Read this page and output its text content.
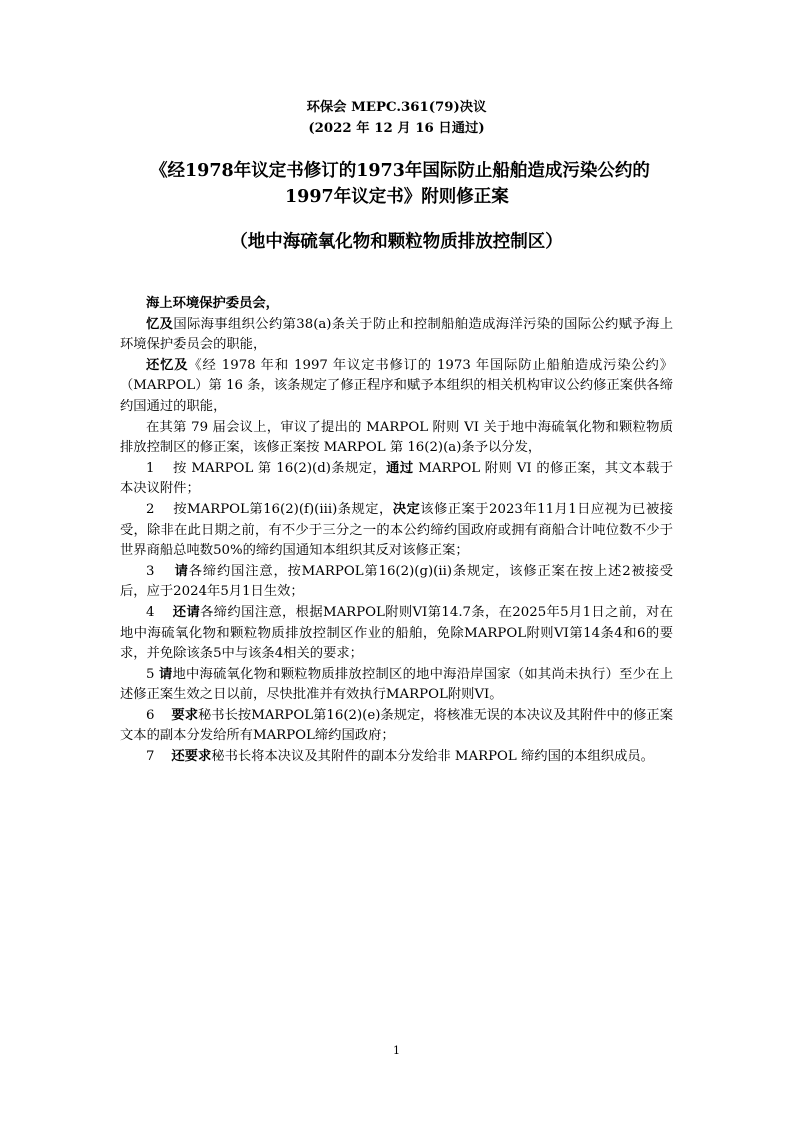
环保会 MEPC.361(79)决议
(2022 年 12 月 16 日通过)
《经1978年议定书修订的1973年国际防止船舶造成污染公约的
1997年议定书》附则修正案
（地中海硫氧化物和颗粒物质排放控制区）

海上环境保护委员会，

忆及国际海事组织公约第38(a)条关于防止和控制船舶造成海洋污染的国际公约赋予海上环境保护委员会的职能，

还忆及《经 1978 年和 1997 年议定书修订的 1973 年国际防止船舶造成污染公约》（MARPOL）第 16 条，该条规定了修正程序和赋予本组织的相关机构审议公约修正案供各缔约国通过的职能，

在其第 79 届会议上，审议了提出的 MARPOL 附则 VI 关于地中海硫氧化物和颗粒物质排放控制区的修正案，该修正案按 MARPOL 第 16(2)(a)条予以分发，

1 按 MARPOL 第 16(2)(d)条规定，通过 MARPOL 附则 VI 的修正案，其文本载于本决议附件；

2 按MARPOL第16(2)(f)(iii)条规定，决定该修正案于2023年11月1日应视为已被接受，除非在此日期之前，有不少于三分之一的本公约缔约国政府或拥有商船合计吨位数不少于世界商船总吨数50%的缔约国通知本组织其反对该修正案；

3 请各缔约国注意，按MARPOL第16(2)(g)(ii)条规定，该修正案在按上述2被接受后，应于2024年5月1日生效；

4 还请各缔约国注意，根据MARPOL附则VI第14.7条，在2025年5月1日之前，对在地中海硫氧化物和颗粒物质排放控制区作业的船舶，免除MARPOL附则VI第14条4和6的要求，并免除该条5中与该条4相关的要求；

5 请地中海硫氧化物和颗粒物质排放控制区的地中海沿岸国家（如其尚未执行）至少在上述修正案生效之日以前，尽快批准并有效执行MARPOL附则VI。

6 要求秘书长按MARPOL第16(2)(e)条规定，将核准无误的本决议及其附件中的修正案文本的副本分发给所有MARPOL缔约国政府；

7 还要求秘书长将本决议及其附件的副本分发给非 MARPOL 缔约国的本组织成员。

1
